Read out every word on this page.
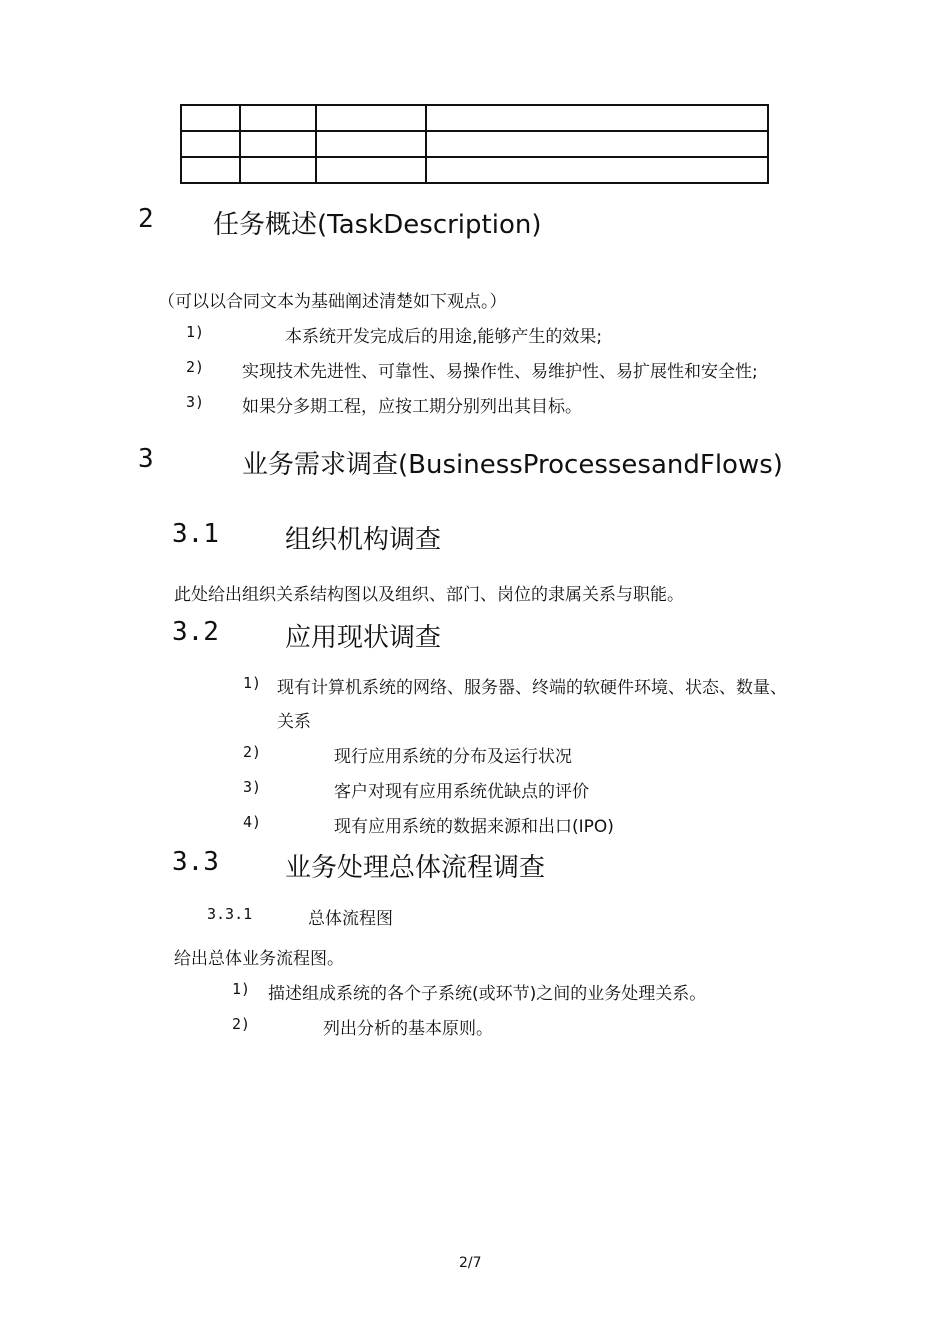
2 任务概述(TaskDescription)
（可以以合同文本为基础阐述清楚如下观点。）
1)	本系统开发完成后的用途,能够产生的效果;
2) 实现技术先进性、可靠性、易操作性、易维护性、易扩展性和安全性;
3) 如果分多期工程，应按工期分别列出其目标。
3	业务需求调查(BusinessProcessesandFlows)
3.1	组织机构调查
此处给出组织关系结构图以及组织、部门、岗位的隶属关系与职能。
3.2	应用现状调查
1) 现有计算机系统的网络、服务器、终端的软硬件环境、状态、数量、
关系
2)	现行应用系统的分布及运行状况
3)	客户对现有应用系统优缺点的评价
4)	现有应用系统的数据来源和出口(IPO)
3.3	业务处理总体流程调查
3.3.1	总体流程图
给出总体业务流程图。
1) 描述组成系统的各个子系统(或环节)之间的业务处理关系。
2)	列出分析的基本原则。
2/7
